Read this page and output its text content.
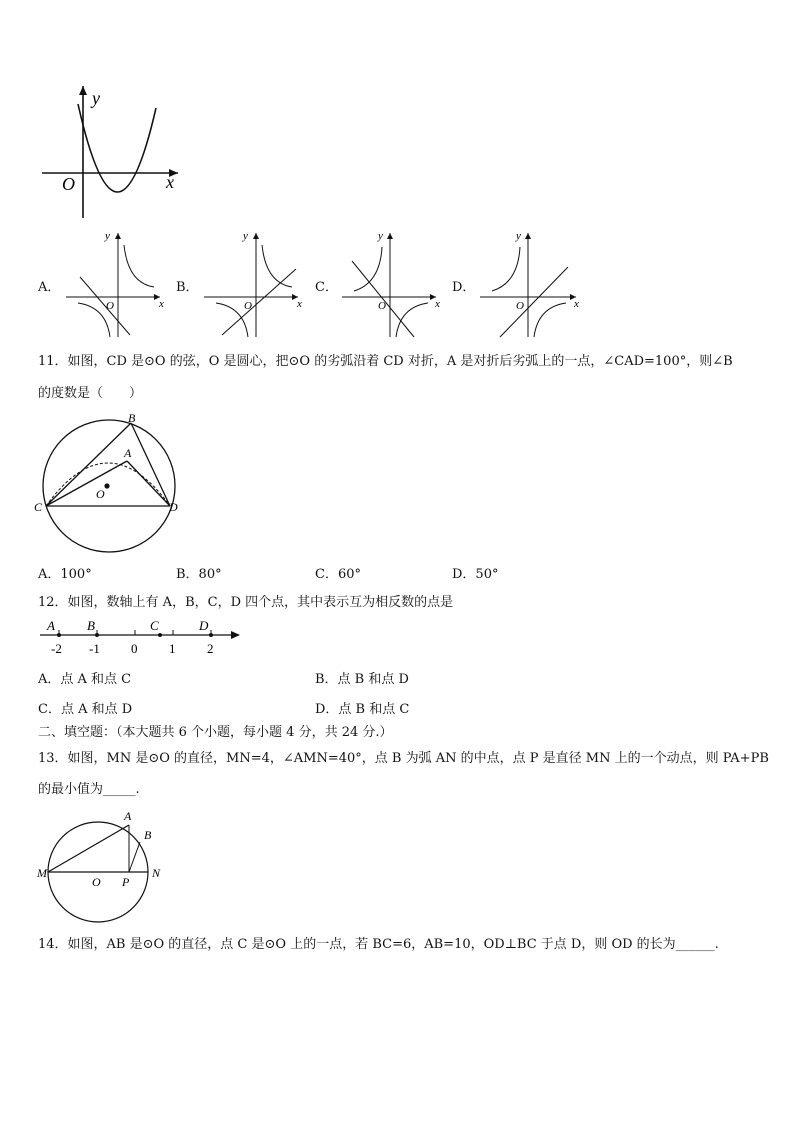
y
x
O
A．
y
x
O
B．
y
x
O
C．
y
x
O
D．
y
x
O
11．如图，CD 是⊙O 的弦，O 是圆心，把⊙O 的劣弧沿着 CD 对折，A 是对折后劣弧上的一点，∠CAD=100°，则∠B
的度数是（　　）
B
A
O
C	D
A．100°	B．80°	C．60°	D．50°
12．如图，数轴上有 A，B，C，D 四个点，其中表示互为相反数的点是
A B	C	D
-2 -1 0 1 2
A．点 A 和点 C	B．点 B 和点 D
C．点 A 和点 D	D．点 B 和点 C
二、填空题：（本大题共 6 个小题，每小题 4 分，共 24 分.）
13．如图，MN 是⊙O 的直径，MN=4，∠AMN=40°，点 B 为弧 AN 的中点，点 P 是直径 MN 上的一个动点，则 PA+PB
的最小值为_____.
M
O P
N
A
B
14．如图，AB 是⊙O 的直径，点 C 是⊙O 上的一点，若 BC=6，AB=10，OD⊥BC 于点 D，则 OD 的长为______.
